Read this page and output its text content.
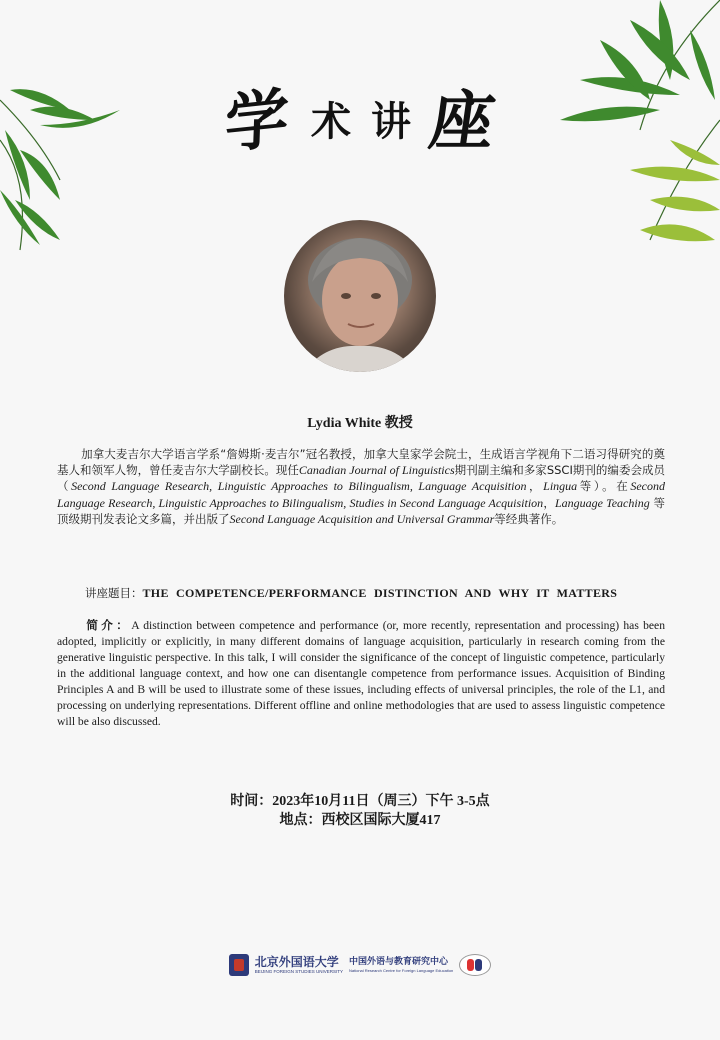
学 术 讲 座
Lydia White 教授
加拿大麦吉尔大学语言学系“詹姆斯·麦吉尔”冠名教授，加拿大皇家学会院士，生成语言学视角下二语习得研究的奠基人和领军人物，曾任麦吉尔大学副校长。现任Canadian Journal of Linguistics期刊副主编和多家SSCI期刊的编委会成员（Second Language Research, Linguistic Approaches to Bilingualism, Language Acquisition，Lingua等）。在Second Language Research, Linguistic Approaches to Bilingualism, Studies in Second Language Acquisition，Language Teaching 等顶级期刊发表论文多篇，并出版了Second Language Acquisition and Universal Grammar等经典著作。
讲座题目：THE COMPETENCE/PERFORMANCE DISTINCTION AND WHY IT MATTERS
简介：A distinction between competence and performance (or, more recently, representation and processing) has been adopted, implicitly or explicitly, in many different domains of language acquisition, particularly in research coming from the generative linguistic perspective. In this talk, I will consider the significance of the concept of linguistic competence, particularly in the additional language context, and how one can disentangle competence from performance issues. Acquisition of Binding Principles A and B will be used to illustrate some of these issues, including effects of universal principles, the role of the L1, and processing on underlying representations. Different offline and online methodologies that are used to assess linguistic competence will be also discussed.
时间：2023年10月11日（周三）下午 3-5点
地点：西校区国际大厦417
北京外国语大学
BEIJING FOREIGN STUDIES UNIVERSITY
中国外语与教育研究中心
National Research Centre for Foreign Language Education
